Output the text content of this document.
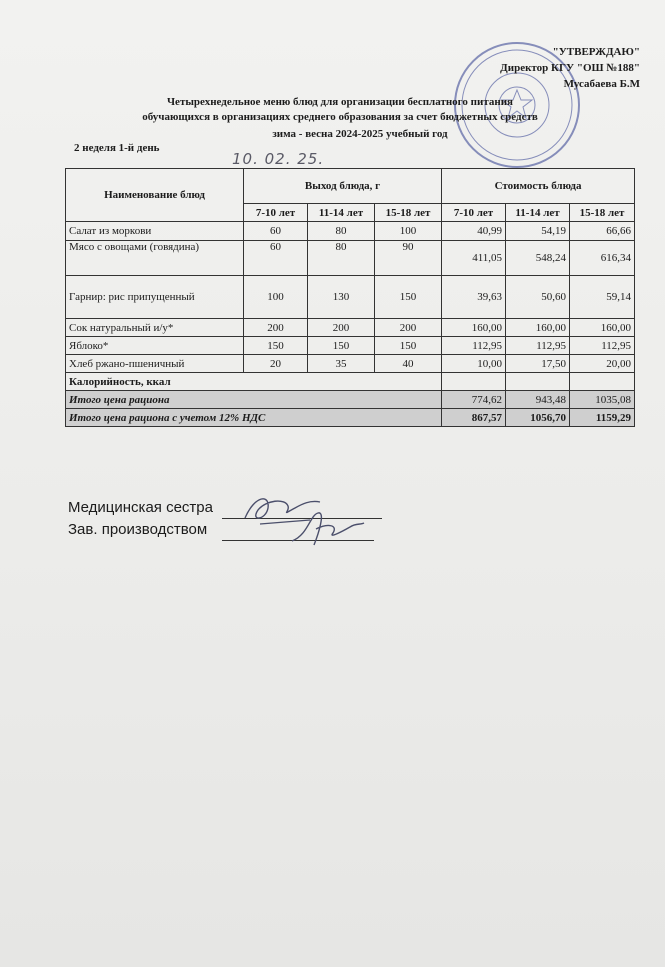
"УТВЕРЖДАЮ"
Директор КГУ "ОШ №188"
Мусабаева Б.М
Четырехнедельное меню блюд для организации бесплатного питания
обучающихся в организациях среднего образования за счет бюджетных средств
зима - весна 2024-2025 учебный год
2 неделя 1-й день
10. 02. 25.
Наименование блюд	Выход блюда, г			Стоимость блюда		
	7-10 лет	11-14 лет	15-18 лет	7-10 лет	11-14 лет	15-18 лет
Салат из моркови	60	80	100	40,99	54,19	66,66
Мясо с овощами (говядина)	60	80	90	411,05	548,24	616,34
Гарнир: рис припущенный	100	130	150	39,63	50,60	59,14
Сок натуральный и/у*	200	200	200	160,00	160,00	160,00
Яблоко*	150	150	150	112,95	112,95	112,95
Хлеб ржано-пшеничный	20	35	40	10,00	17,50	20,00
Калорийность, ккал						
Итого цена рациона				774,62	943,48	1035,08
Итого цена рациона с учетом 12% НДС				867,57	1056,70	1159,29
Медицинская сестра
Зав. производством
